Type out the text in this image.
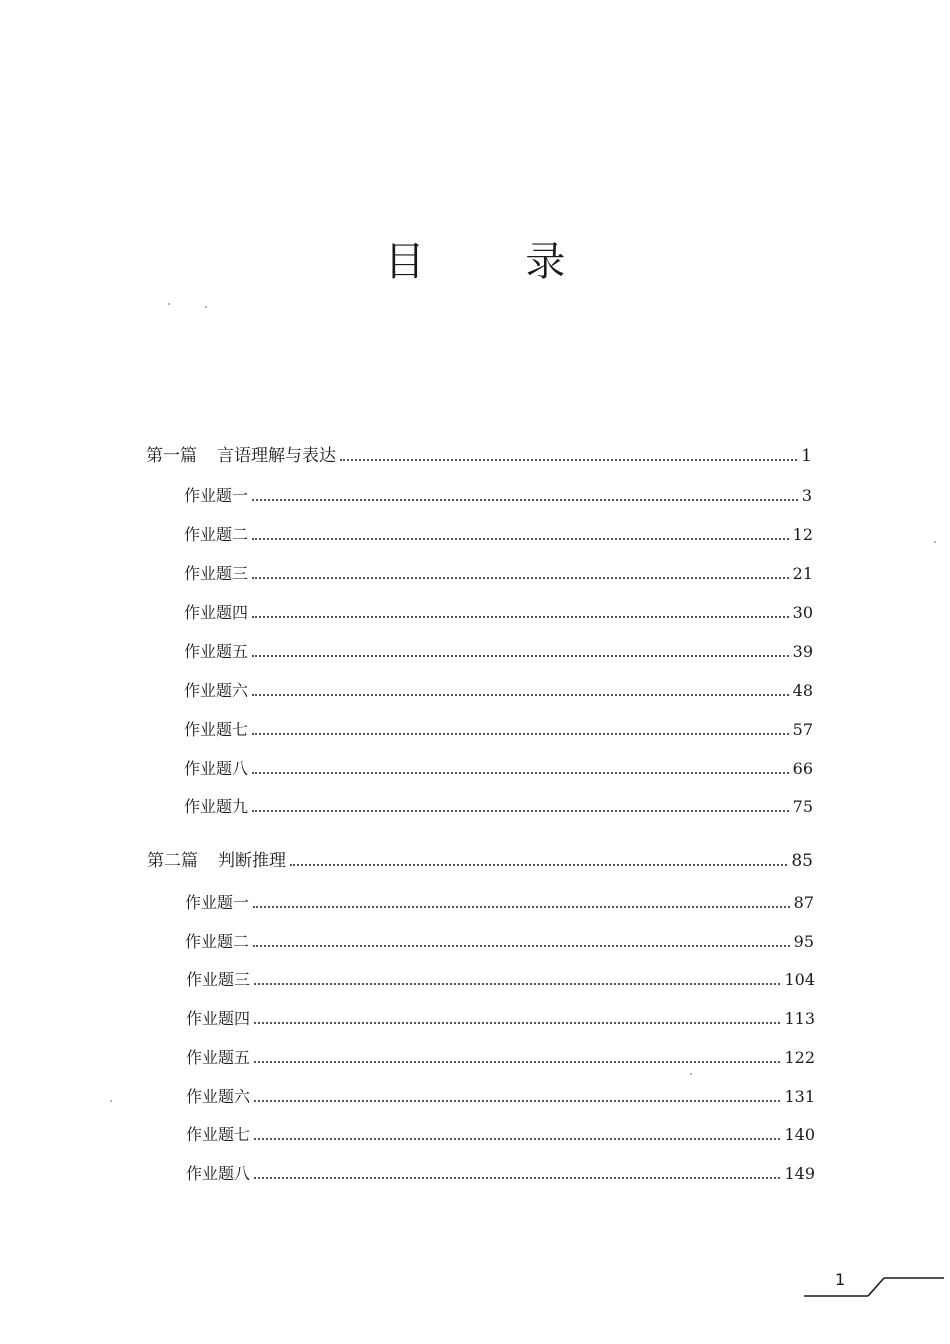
目 录
第一篇 言语理解与表达	1
作业题一	3
作业题二	12
作业题三	21
作业题四	30
作业题五	39
作业题六	48
作业题七	57
作业题八	66
作业题九	75
第二篇 判断推理	85
作业题一	87
作业题二	95
作业题三	104
作业题四	113
作业题五	122
作业题六	131
作业题七	140
作业题八	149
1
